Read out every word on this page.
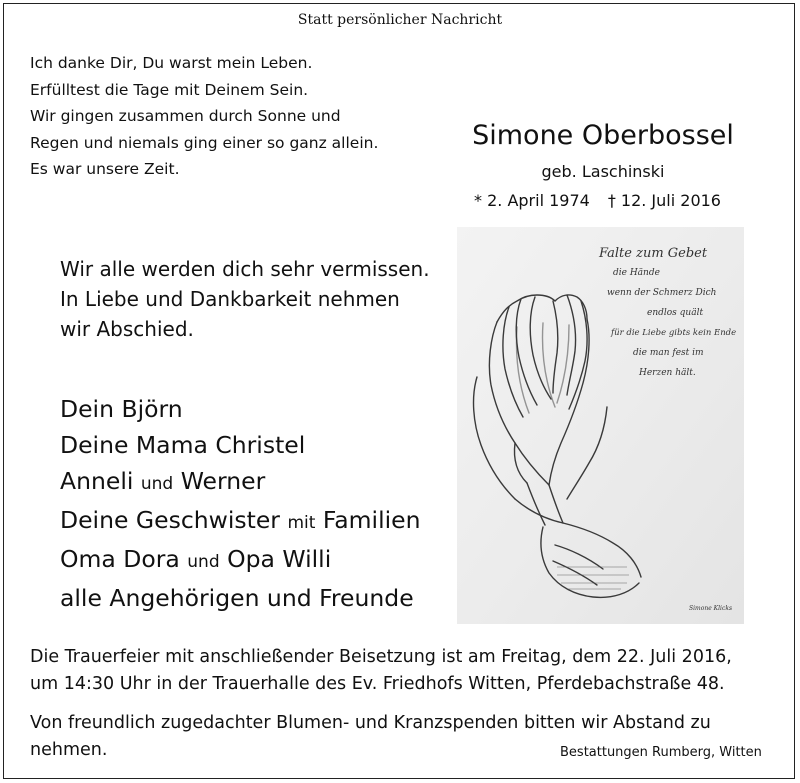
Statt persönlicher Nachricht
Ich danke Dir, Du warst mein Leben.
Erfülltest die Tage mit Deinem Sein.
Wir gingen zusammen durch Sonne und
Regen und niemals ging einer so ganz allein.
Es war unsere Zeit.
Simone Oberbossel
geb. Laschinski
* 2. April 1974 † 12. Juli 2016
Wir alle werden dich sehr vermissen.
In Liebe und Dankbarkeit nehmen
wir Abschied.
Dein Björn
Deine Mama Christel
Anneli und Werner
Deine Geschwister mit Familien
Oma Dora und Opa Willi
alle Angehörigen und Freunde
Falte zum Gebet
die Hände
wenn der Schmerz Dich
endlos quält
für die Liebe gibts kein Ende
die man fest im
Herzen hält.
Simone Klicks
Die Trauerfeier mit anschließender Beisetzung ist am Freitag, dem 22. Juli 2016,
um 14:30 Uhr in der Trauerhalle des Ev. Friedhofs Witten, Pferdebachstraße 48.
Von freundlich zugedachter Blumen- und Kranzspenden bitten wir Abstand zu
nehmen.	Bestattungen Rumberg, Witten
